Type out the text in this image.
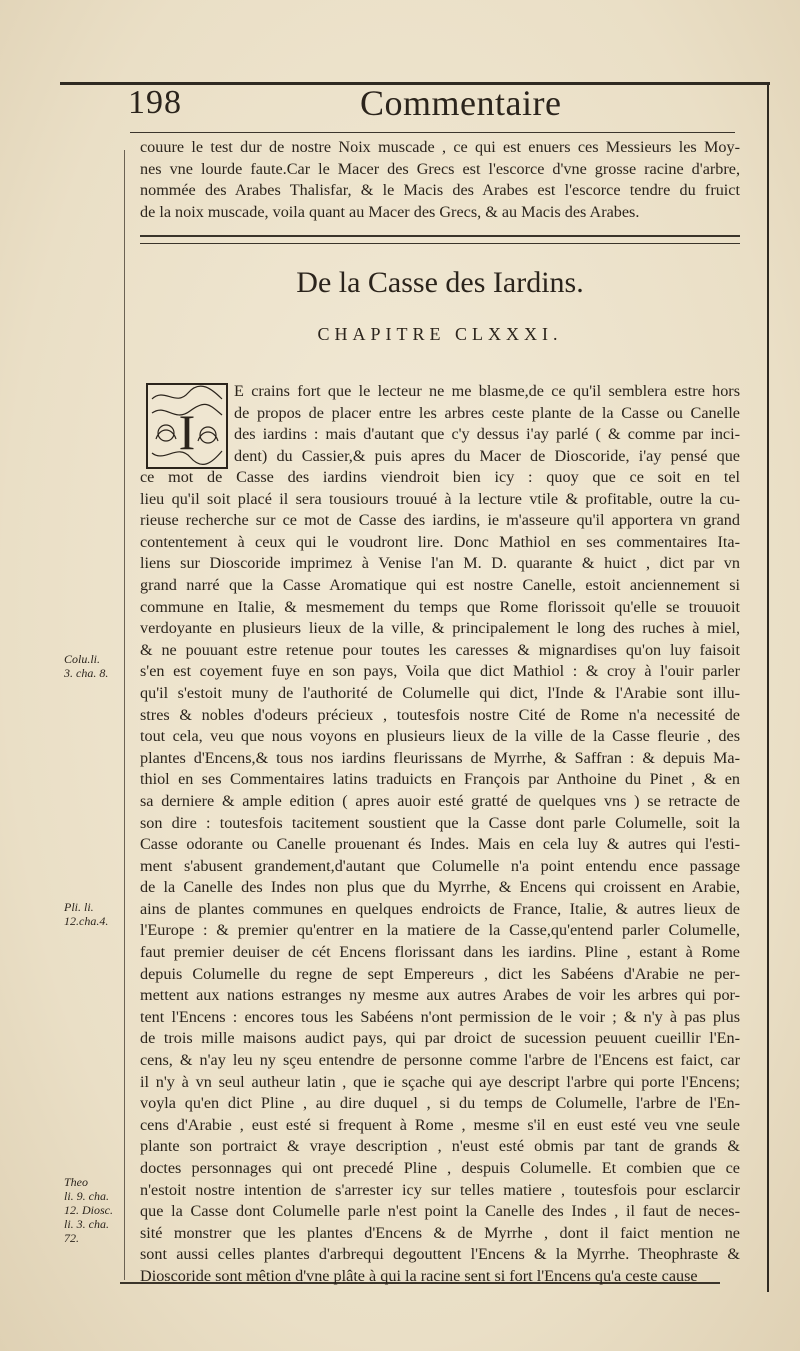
198	Commentaire
couure le test dur de nostre Noix muscade , ce qui est enuers ces Messieurs les Moy-
nes vne lourde faute.Car le Macer des Grecs est l'escorce d'vne grosse racine d'arbre,
nommée des Arabes Thalisfar, & le Macis des Arabes est l'escorce tendre du fruict
de la noix muscade, voila quant au Macer des Grecs, & au Macis des Arabes.
De la Casse des Iardins.
CHAPITRE CLXXXI.
I
E crains fort que le lecteur ne me blasme,de ce qu'il semblera estre hors
de propos de placer entre les arbres ceste plante de la Casse ou Canelle
des iardins : mais d'autant que c'y dessus i'ay parlé ( & comme par inci-
dent) du Cassier,& puis apres du Macer de Dioscoride, i'ay pensé que
ce mot de Casse des iardins viendroit bien icy : quoy que ce soit en tel
lieu qu'il soit placé il sera tousiours trouué à la lecture vtile & profitable, outre la cu-
rieuse recherche sur ce mot de Casse des iardins, ie m'asseure qu'il apportera vn grand
contentement à ceux qui le voudront lire. Donc Mathiol en ses commentaires Ita-
liens sur Dioscoride imprimez à Venise l'an M. D. quarante & huict , dict par vn
grand narré que la Casse Aromatique qui est nostre Canelle, estoit anciennement si
commune en Italie, & mesmement du temps que Rome florissoit qu'elle se trouuoit
verdoyante en plusieurs lieux de la ville, & principalement le long des ruches à miel,
& ne pouuant estre retenue pour toutes les caresses & mignardises qu'on luy faisoit
s'en est coyement fuye en son pays, Voila que dict Mathiol : & croy à l'ouir parler
qu'il s'estoit muny de l'authorité de Columelle qui dict, l'Inde & l'Arabie sont illu-
stres & nobles d'odeurs précieux , toutesfois nostre Cité de Rome n'a necessité de
tout cela, veu que nous voyons en plusieurs lieux de la ville de la Casse fleurie , des
plantes d'Encens,& tous nos iardins fleurissans de Myrrhe, & Saffran : & depuis Ma-
thiol en ses Commentaires latins traduicts en François par Anthoine du Pinet , & en
sa derniere & ample edition ( apres auoir esté gratté de quelques vns ) se retracte de
son dire : toutesfois tacitement soustient que la Casse dont parle Columelle, soit la
Casse odorante ou Canelle prouenant és Indes. Mais en cela luy & autres qui l'esti-
ment s'abusent grandement,d'autant que Columelle n'a point entendu ence passage
de la Canelle des Indes non plus que du Myrrhe, & Encens qui croissent en Arabie,
ains de plantes communes en quelques endroicts de France, Italie, & autres lieux de
l'Europe : & premier qu'entrer en la matiere de la Casse,qu'entend parler Columelle,
faut premier deuiser de cét Encens florissant dans les iardins. Pline , estant à Rome
depuis Columelle du regne de sept Empereurs , dict les Sabéens d'Arabie ne per-
mettent aux nations estranges ny mesme aux autres Arabes de voir les arbres qui por-
tent l'Encens : encores tous les Sabéens n'ont permission de le voir ; & n'y à pas plus
de trois mille maisons audict pays, qui par droict de sucession peuuent cueillir l'En-
cens, & n'ay leu ny sçeu entendre de personne comme l'arbre de l'Encens est faict, car
il n'y à vn seul autheur latin , que ie sçache qui aye descript l'arbre qui porte l'Encens;
voyla qu'en dict Pline , au dire duquel , si du temps de Columelle, l'arbre de l'En-
cens d'Arabie , eust esté si frequent à Rome , mesme s'il en eust esté veu vne seule
plante son portraict & vraye description , n'eust esté obmis par tant de grands &
doctes personnages qui ont precedé Pline , despuis Columelle. Et combien que ce
n'estoit nostre intention de s'arrester icy sur telles matiere , toutesfois pour esclarcir
que la Casse dont Columelle parle n'est point la Canelle des Indes , il faut de neces-
sité monstrer que les plantes d'Encens & de Myrrhe , dont il faict mention ne
sont aussi celles plantes d'arbrequi degouttent l'Encens & la Myrrhe. Theophraste &
Dioscoride sont mêtion d'vne plâte à qui la racine sent si fort l'Encens qu'a ceste cause
Colu.li.
3. cha. 8.
Pli. li.
12.cha.4.
Theo
li. 9. cha.
12. Diosc.
li. 3. cha.
72.
